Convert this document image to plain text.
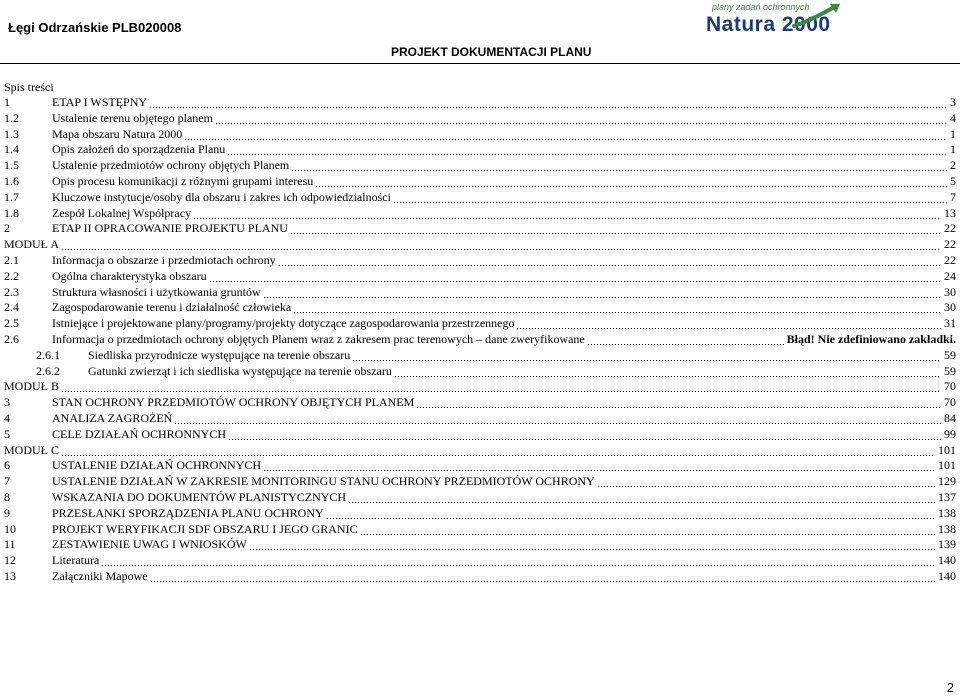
Łęgi Odrzańskie PLB020008
plany zadań ochronnych
Natura 2000
PROJEKT DOKUMENTACJI PLANU
Spis treści
1	ETAP I WSTĘPNY	3
1.2	Ustalenie terenu objętego planem	4
1.3	Mapa obszaru Natura 2000	1
1.4	Opis założeń do sporządzenia Planu	1
1.5	Ustalenie przedmiotów ochrony objętych Planem	2
1.6	Opis procesu komunikacji z różnymi grupami interesu	5
1.7	Kluczowe instytucje/osoby dla obszaru i zakres ich odpowiedzialności	7
1.8	Zespół Lokalnej Współpracy	13
2	ETAP II OPRACOWANIE PROJEKTU PLANU	22
MODUŁ A	22
2.1	Informacja o obszarze i przedmiotach ochrony	22
2.2	Ogólna charakterystyka obszaru	24
2.3	Struktura własności i użytkowania gruntów	30
2.4	Zagospodarowanie terenu i działalność człowieka	30
2.5	Istniejące i projektowane plany/programy/projekty dotyczące zagospodarowania przestrzennego	31
2.6	Informacja o przedmiotach ochrony objętych Planem wraz z zakresem prac terenowych – dane zweryfikowane	Błąd! Nie zdefiniowano zakładki.
2.6.1	Siedliska przyrodnicze występujące na terenie obszaru	59
2.6.2	Gatunki zwierząt i ich siedliska występujące na terenie obszaru	59
MODUŁ B	70
3	STAN OCHRONY PRZEDMIOTÓW OCHRONY OBJĘTYCH PLANEM	70
4	ANALIZA ZAGROŻEŃ	84
5	CELE DZIAŁAŃ OCHRONNYCH	99
MODUŁ C	101
6	USTALENIE DZIAŁAŃ OCHRONNYCH	101
7	USTALENIE DZIAŁAŃ W ZAKRESIE MONITORINGU STANU OCHRONY PRZEDMIOTÓW OCHRONY	129
8	WSKAZANIA DO DOKUMENTÓW PLANISTYCZNYCH	137
9	PRZESŁANKI SPORZĄDZENIA PLANU OCHRONY	138
10	PROJEKT WERYFIKACJI SDF OBSZARU I JEGO GRANIC	138
11	ZESTAWIENIE UWAG I WNIOSKÓW	139
12	Literatura	140
13	Załączniki Mapowe	140
2
